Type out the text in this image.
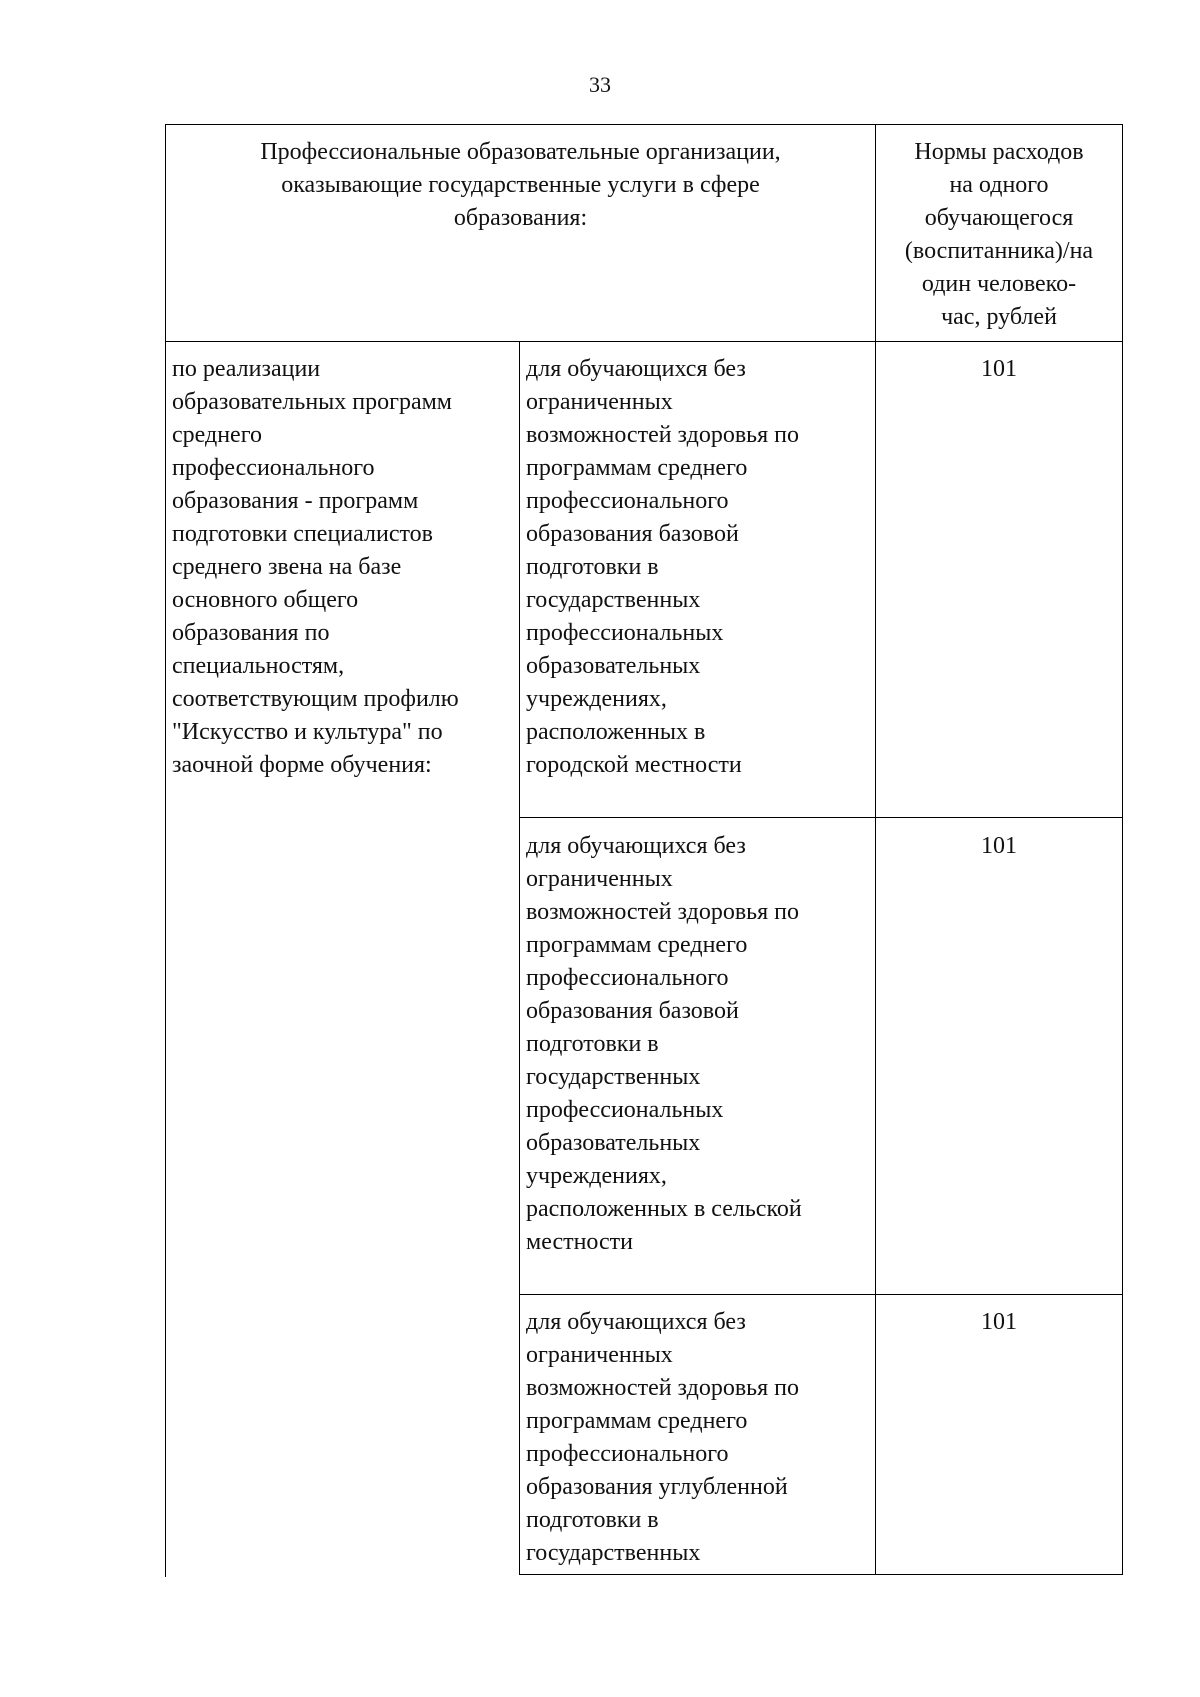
33
Профессиональные образовательные организации,
оказывающие государственные услуги в сфере
образования:
Нормы расходов
на одного
обучающегося
(воспитанника)/на
один человеко-
час, рублей
по реализации
образовательных программ
среднего
профессионального
образования - программ
подготовки специалистов
среднего звена на базе
основного общего
образования по
специальностям,
соответствующим профилю
"Искусство и культура" по
заочной форме обучения:
для обучающихся без
ограниченных
возможностей здоровья по
программам среднего
профессионального
образования базовой
подготовки в
государственных
профессиональных
образовательных
учреждениях,
расположенных в
городской местности
101
для обучающихся без
ограниченных
возможностей здоровья по
программам среднего
профессионального
образования базовой
подготовки в
государственных
профессиональных
образовательных
учреждениях,
расположенных в сельской
местности
101
для обучающихся без
ограниченных
возможностей здоровья по
программам среднего
профессионального
образования углубленной
подготовки в
государственных
101
